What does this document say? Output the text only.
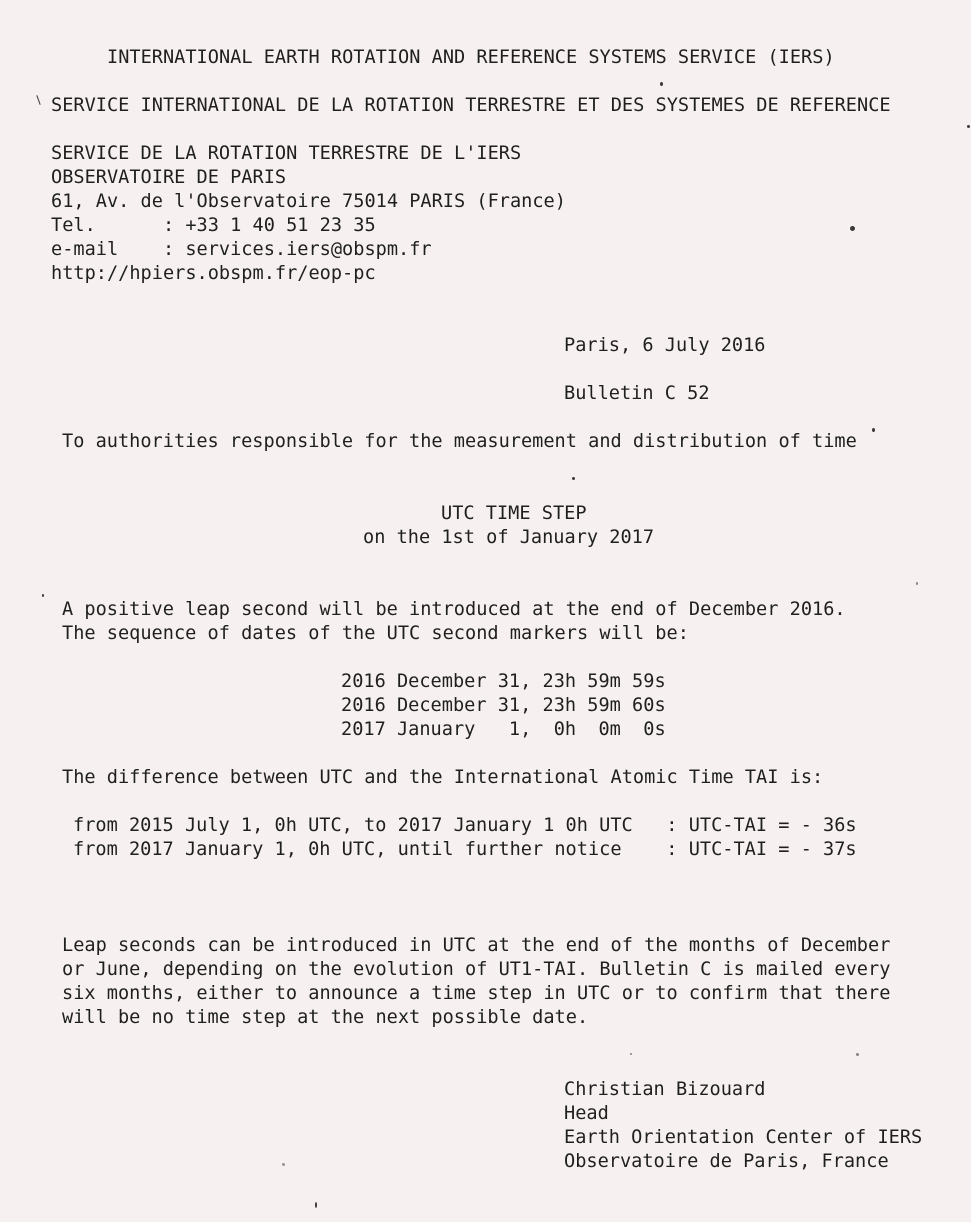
INTERNATIONAL EARTH ROTATION AND REFERENCE SYSTEMS SERVICE (IERS)
SERVICE INTERNATIONAL DE LA ROTATION TERRESTRE ET DES SYSTEMES DE REFERENCE
SERVICE DE LA ROTATION TERRESTRE DE L'IERS
OBSERVATOIRE DE PARIS
61, Av. de l'Observatoire 75014 PARIS (France)
Tel.      : +33 1 40 51 23 35
e-mail    : services.iers@obspm.fr
http://hpiers.obspm.fr/eop-pc
Paris, 6 July 2016
Bulletin C 52
To authorities responsible for the measurement and distribution of time
UTC TIME STEP
on the 1st of January 2017
A positive leap second will be introduced at the end of December 2016.
The sequence of dates of the UTC second markers will be:
2016 December 31, 23h 59m 59s
2016 December 31, 23h 59m 60s
2017 January   1,  0h  0m  0s
The difference between UTC and the International Atomic Time TAI is:
from 2015 July 1, 0h UTC, to 2017 January 1 0h UTC   : UTC-TAI = - 36s
from 2017 January 1, 0h UTC, until further notice    : UTC-TAI = - 37s
Leap seconds can be introduced in UTC at the end of the months of December
or June, depending on the evolution of UT1-TAI. Bulletin C is mailed every
six months, either to announce a time step in UTC or to confirm that there
will be no time step at the next possible date.
Christian Bizouard
Head
Earth Orientation Center of IERS
Observatoire de Paris, France
